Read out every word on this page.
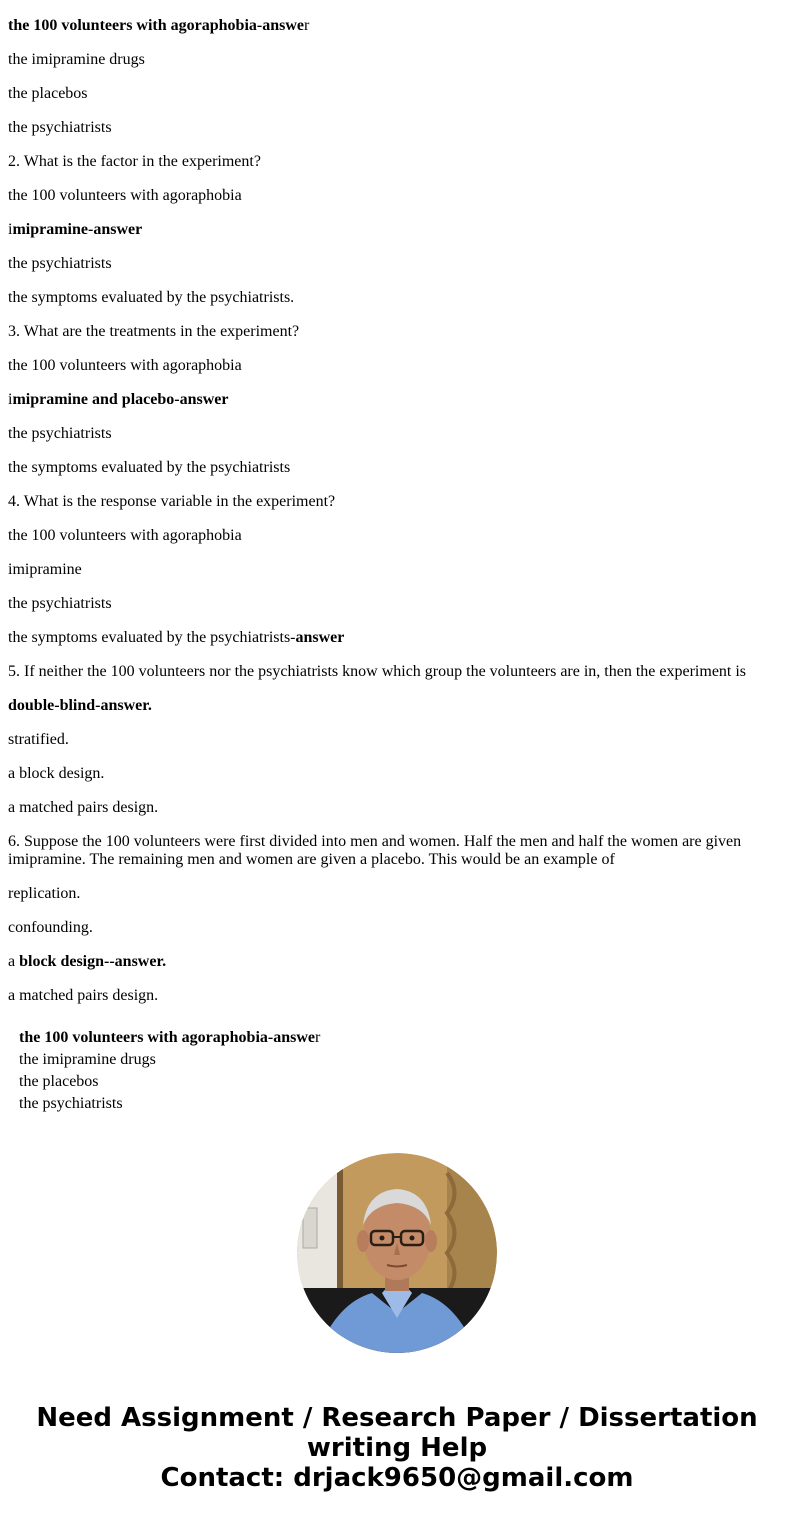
the 100 volunteers with agoraphobia-answer

the imipramine drugs

the placebos

the psychiatrists

2. What is the factor in the experiment?

the 100 volunteers with agoraphobia

imipramine-answer

the psychiatrists

the symptoms evaluated by the psychiatrists.

3. What are the treatments in the experiment?

the 100 volunteers with agoraphobia

imipramine and placebo-answer

the psychiatrists

the symptoms evaluated by the psychiatrists

4. What is the response variable in the experiment?

the 100 volunteers with agoraphobia

imipramine

the psychiatrists

the symptoms evaluated by the psychiatrists-answer

5. If neither the 100 volunteers nor the psychiatrists know which group the volunteers are in, then the experiment is

double-blind-answer.

stratified.

a block design.

a matched pairs design.

6. Suppose the 100 volunteers were first divided into men and women. Half the men and half the women are given imipramine. The remaining men and women are given a placebo. This would be an example of

replication.

confounding.

a block design--answer.

a matched pairs design.

the 100 volunteers with agoraphobia-answer
the imipramine drugs
the placebos
the psychiatrists
Need Assignment / Research Paper / Dissertation
writing Help
Contact: drjack9650@gmail.com
